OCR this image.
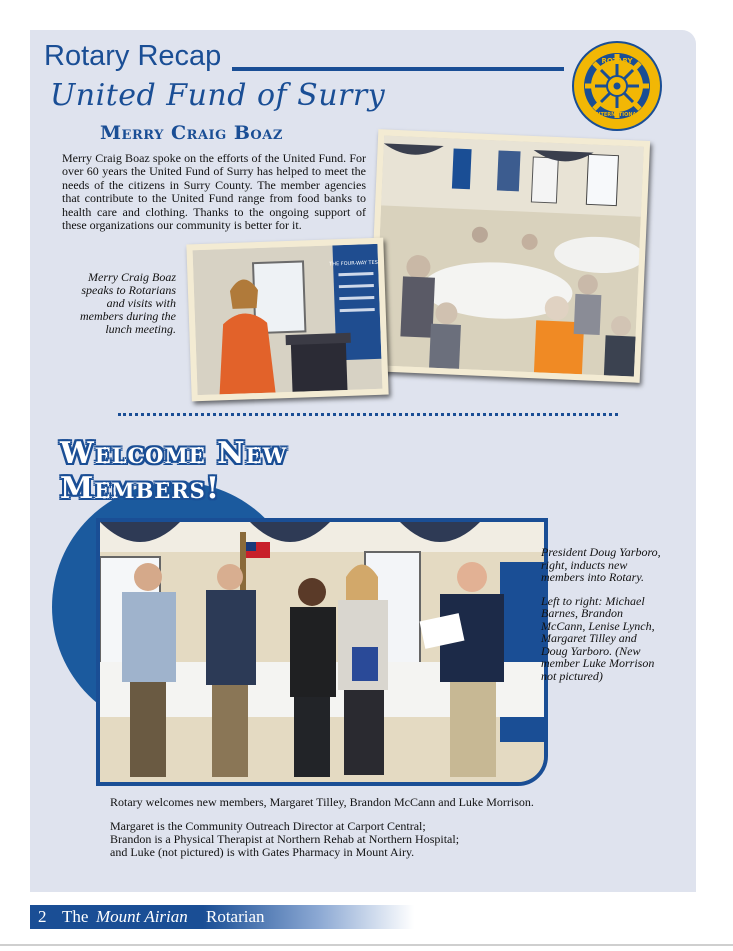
Rotary Recap
United Fund of Surry
ROTARY
INTERNATIONAL
Merry Craig Boaz
Merry Craig Boaz spoke on the efforts of the United Fund. For over 60 years the United Fund of Surry has helped to meet the needs of the citizens in Surry County. The member agencies that contribute to the United Fund range from food banks to health care and clothing. Thanks to the ongoing support of these organizations our community is better for it.
THE FOUR-WAY TEST
Merry Craig Boaz speaks to Rotarians and visits with members during the lunch meeting.
Welcome New
Members!

President Doug Yarboro, right, inducts new members into Rotary.

Left to right: Michael Barnes, Brandon McCann, Lenise Lynch, Margaret Tilley and Doug Yarboro. (New member Luke Morrison not pictured)

Rotary welcomes new members, Margaret Tilley, Brandon McCann and Luke Morrison.

Margaret is the Community Outreach Director at Carport Central;

Brandon is a Physical Therapist at Northern Rehab at Northern Hospital;

and Luke (not pictured) is with Gates Pharmacy in Mount Airy.

2 The Mount Airian Rotarian
